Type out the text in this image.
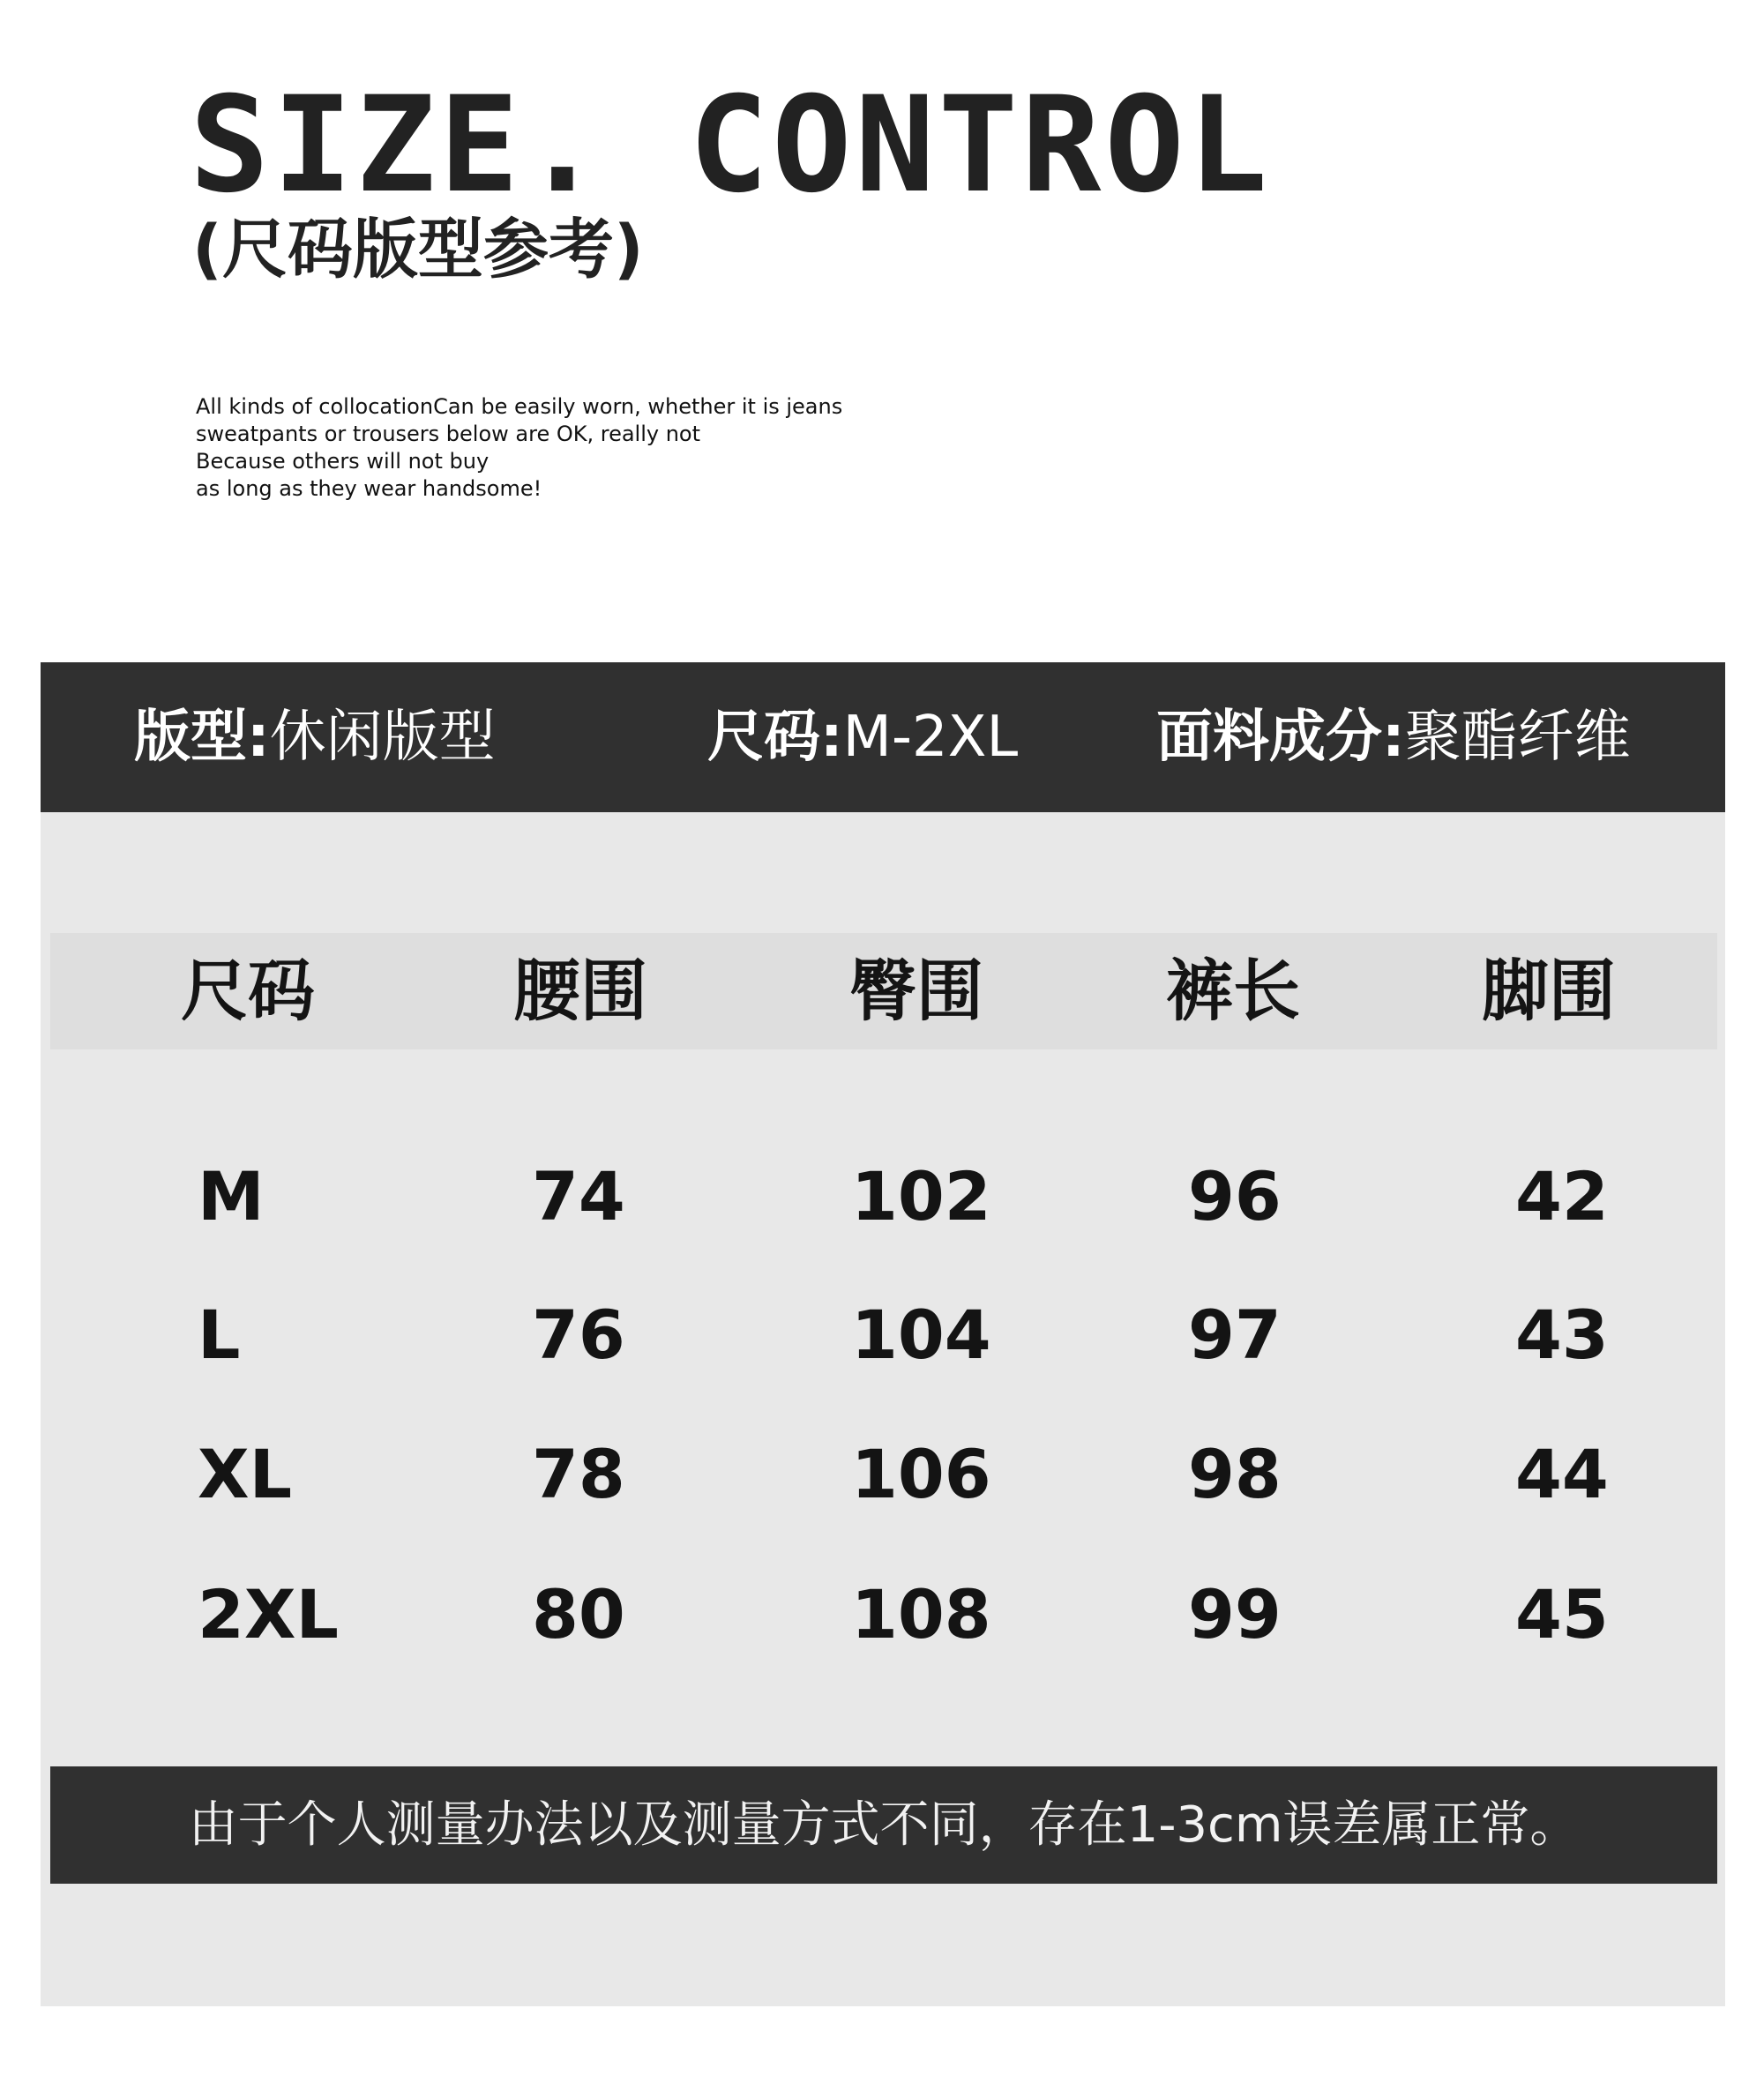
SIZE. CONTROL
(尺码版型参考)
All kinds of collocationCan be easily worn, whether it is jeans
sweatpants or trousers below are OK, really not
Because others will not buy
as long as they wear handsome!
版型:休闲版型	尺码:M-2XL 面料成分:聚酯纤维
尺码	腰围	臀围	裤长	脚围
M	74	102	96	42
L	76	104	97	43
XL	78	106	98	44
2XL	80	108	99	45
由于个人测量办法以及测量方式不同，存在1-3cm误差属正常。
